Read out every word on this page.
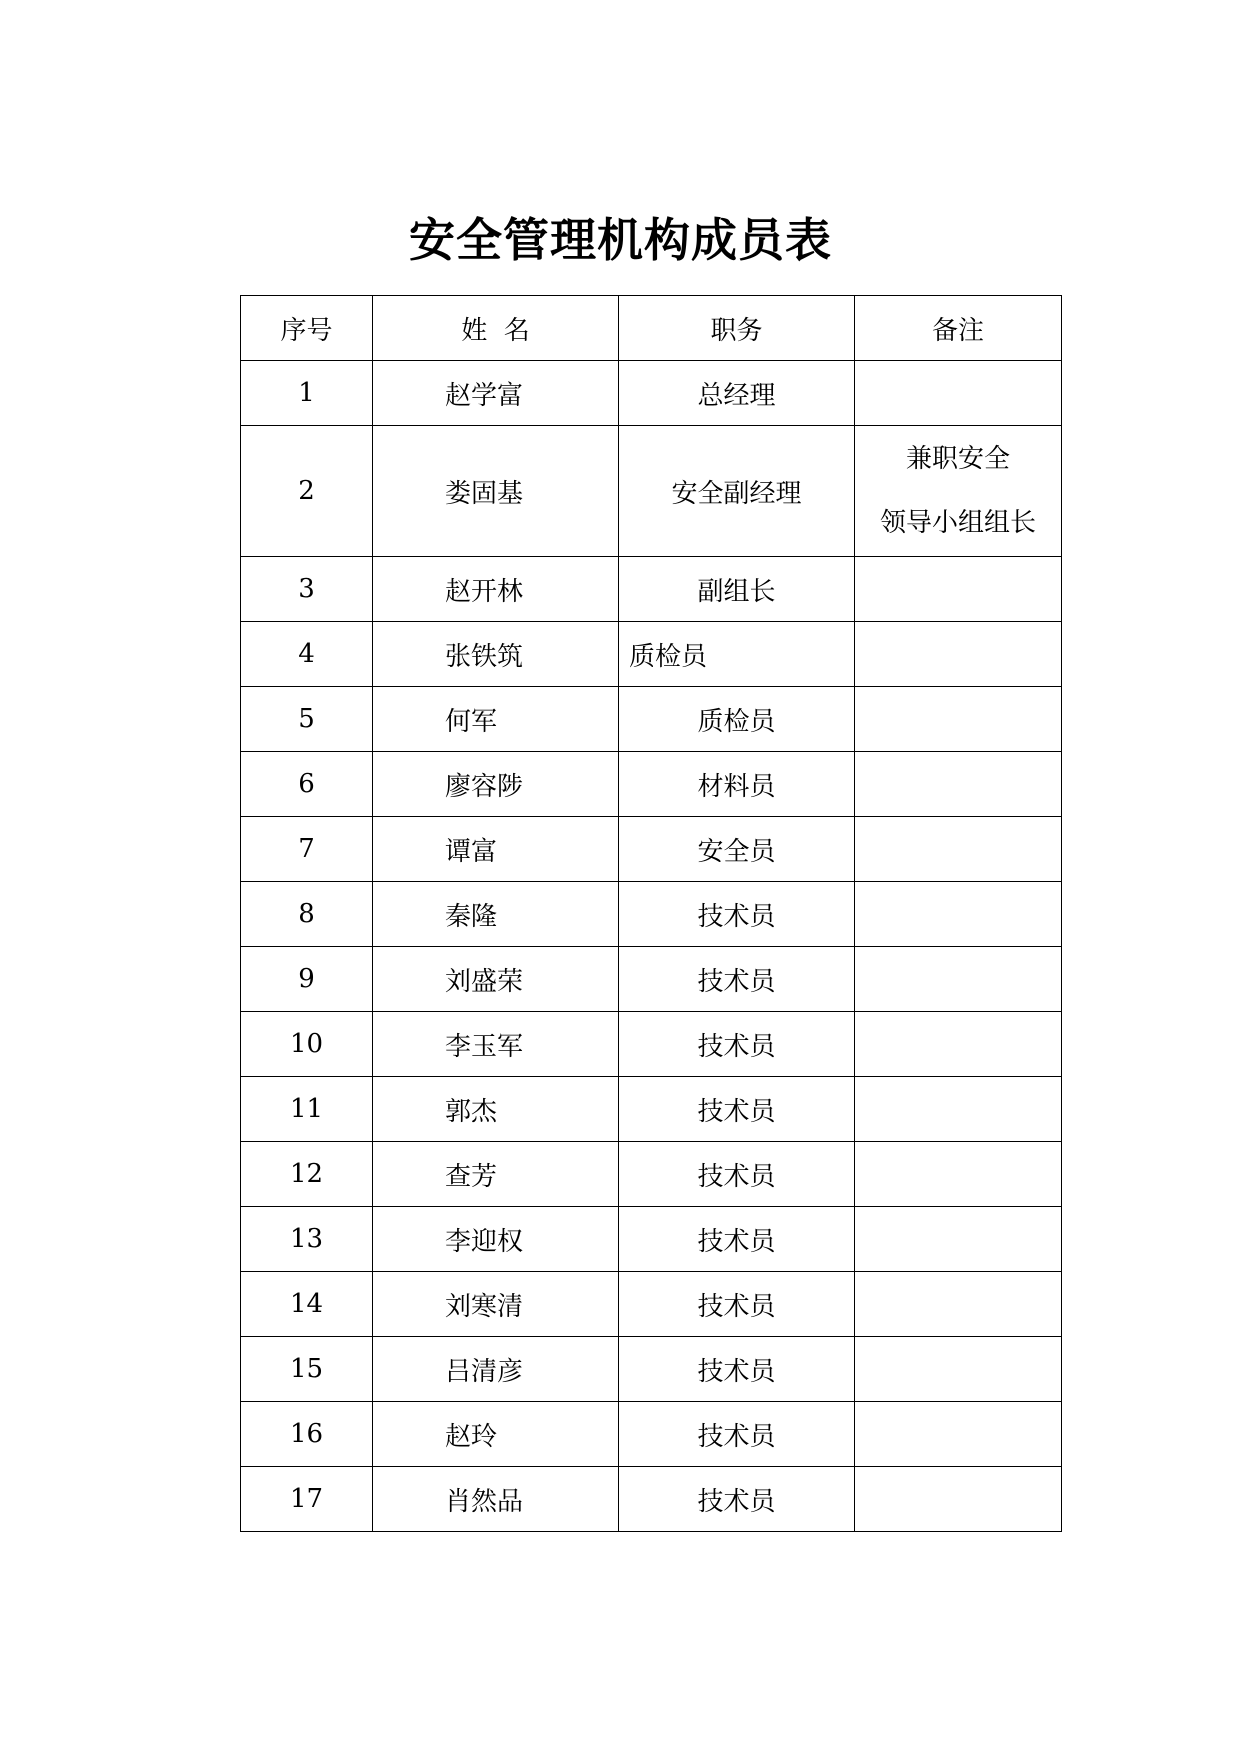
安全管理机构成员表
序号	姓  名	职务	备注
1	赵学富	总经理	
2	娄固基	安全副经理	兼职安全
领导小组组长

3	赵开林	副组长	
4	张铁筑	质检员	
5	何军	质检员	
6	廖容陟	材料员	
7	谭富	安全员	
8	秦隆	技术员	
9	刘盛荣	技术员	
10	李玉军	技术员	
11	郭杰	技术员	
12	查芳	技术员	
13	李迎权	技术员	
14	刘寒清	技术员	
15	吕清彦	技术员	
16	赵玲	技术员	
17	肖然品	技术员	
